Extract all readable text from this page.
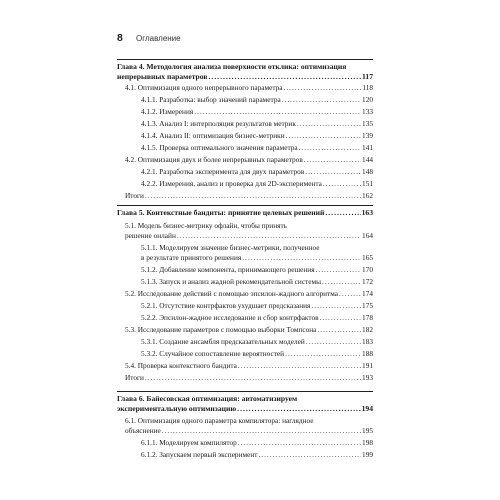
8 Оглавление
Глава 4. Методология анализа поверхности отклика: оптимизация
непрерывных параметров .....	117
4.1. Оптимизация одного непрерывного параметра .....	118
4.1.1. Разработка: выбор значений параметра .....	120
4.1.2. Измерения .....	133
4.1.3. Анализ I: интерполяция результатов метрик .....	135
4.1.4. Анализ II: оптимизация бизнес-метрики .....	139
4.1.5. Проверка оптимального значения параметра .....	141
4.2. Оптимизация двух и более непрерывных параметров .....	144
4.2.1. Разработка эксперимента для двух параметров .....	148
4.2.2. Измерения, анализ и проверка для 2D-эксперимента .....	151
Итоги .....	162
Глава 5. Контекстные бандиты: принятие целевых решений .....	163
5.1. Модель бизнес-метрику офлайн, чтобы принять
решение онлайн .....	164
5.1.1. Моделируем значение бизнес-метрики, полученное
в результате принятого решения .....	165
5.1.2. Добавление компонента, принимающего решения .....	170
5.1.3. Запуск и анализ жадной рекомендательной системы .....	172
5.2. Исследование действий с помощью эпсилон-жадного алгоритма .....	174
5.2.1. Отсутствие контрфактов ухудшает предсказания .....	175
5.2.2. Эпсилон-жадное исследование и сбор контрфактов .....	178
5.3. Исследование параметров с помощью выборки Томпсона .....	182
5.3.1. Создание ансамбля предсказательных моделей .....	183
5.3.2. Случайное сопоставление вероятностей .....	188
5.4. Проверка контекстного бандита .....	191
Итоги .....	193
Глава 6. Байесовская оптимизация: автоматизируем
экспериментальную оптимизацию .....	194
6.1. Оптимизация одного параметра компилятора: наглядное
объяснение .....	195
6.1.1. Моделируем компилятор .....	198
6.1.2. Запускаем первый эксперимент .....	199
